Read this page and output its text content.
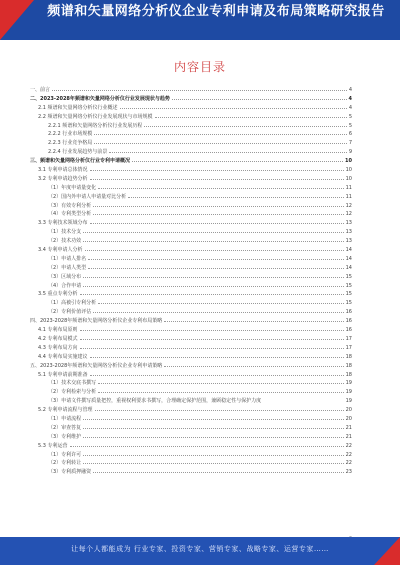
频谱和矢量网络分析仪企业专利申请及布局策略研究报告
内容目录
一、前言	4
二、2023-2028年频谱和矢量网络分析仪行业发展现状与趋势	4
2.1 频谱和矢量网络分析仪行业概述	4
2.2 频谱和矢量网络分析仪行业发展现状与市场规模	5
2.2.1 频谱和矢量网络分析仪行业发展历程	5
2.2.2 行业市场规模	6
2.2.3 行业竞争格局	7
2.2.4 行业发展趋势与前景	9
三、频谱和矢量网络分析仪行业专利申请概况	10
3.1 专利申请总体情况	10
3.2 专利申请趋势分析	10
（1）年度申请量变化	11
（2）国内外申请人申请量对比分析	11
（3）有效专利分析	12
（4）专利类型分析	12
3.3 专利技术领域分布	13
（1）技术分支	13
（2）技术功效	13
3.4 专利申请人分析	14
（1）申请人排名	14
（2）申请人类型	14
（3）区域分布	15
（4）合作申请	15
3.5 重点专利分析	15
（1）高被引专利分析	15
（2）专利价值评估	16
四、2023-2028年频谱和矢量网络分析仪企业专利布局策略	16
4.1 专利布局原则	16
4.2 专利布局模式	17
4.3 专利布局方向	17
4.4 专利布局实施建议	18
五、2023-2028年频谱和矢量网络分析仪企业专利申请策略	18
5.1 专利申请前期准备	18
（1）技术交底书撰写	19
（2）专利检索与分析	19
（3）申请文件撰写质量把控，重视权利要求书撰写，合理确定保护范围，兼顾稳定性与保护力度	19
5.2 专利申请流程与管理	20
（1）申请流程	20
（2）审查答复	21
（3）专利维护	21
5.3 专利运营	22
（1）专利许可	22
（2）专利转让	22
（3）专利质押融资	23
让每个人都能成为 行业专家、投资专家、营销专家、战略专家、运营专家……
